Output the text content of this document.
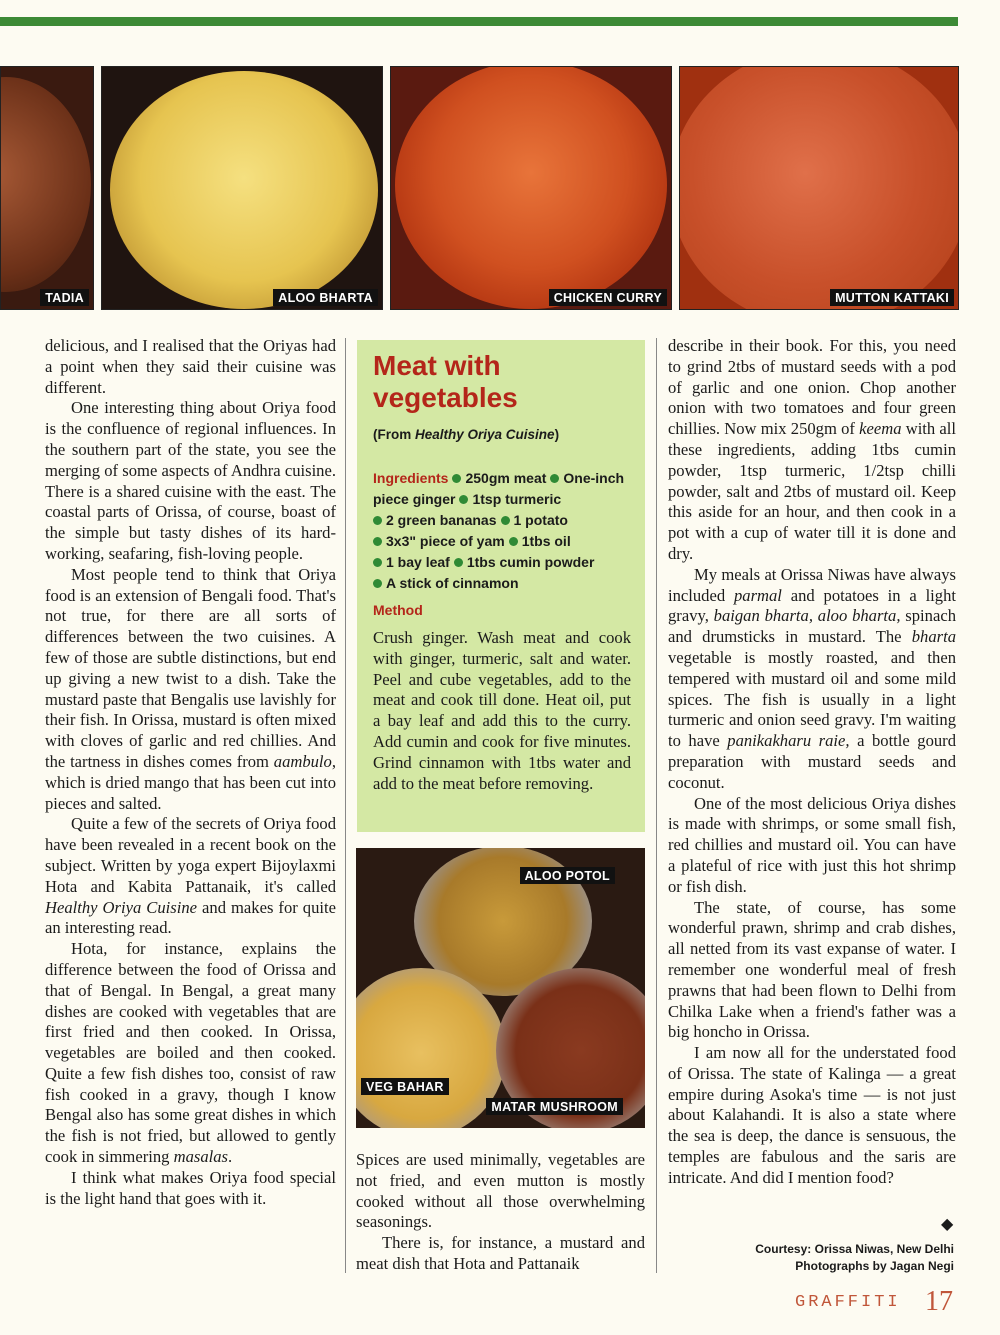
TADIA	ALOO BHARTA	CHICKEN CURRY	MUTTON KATTAKI

delicious, and I realised that the Oriyas had a point when they said their cuisine was different.

One interesting thing about Oriya food is the confluence of regional influences. In the southern part of the state, you see the merging of some aspects of Andhra cuisine. There is a shared cuisine with the east. The coastal parts of Orissa, of course, boast of the simple but tasty dishes of its hard-working, seafaring, fish-loving people.

Most people tend to think that Oriya food is an extension of Bengali food. That's not true, for there are all sorts of differences between the two cuisines. A few of those are subtle distinctions, but end up giving a new twist to a dish. Take the mustard paste that Bengalis use lavishly for their fish. In Orissa, mustard is often mixed with cloves of garlic and red chillies. And the tartness in dishes comes from aambulo, which is dried mango that has been cut into pieces and salted.

Quite a few of the secrets of Oriya food have been revealed in a recent book on the subject. Written by yoga expert Bijoylaxmi Hota and Kabita Pattanaik, it's called Healthy Oriya Cuisine and makes for quite an interesting read.

Hota, for instance, explains the difference between the food of Orissa and that of Bengal. In Bengal, a great many dishes are cooked with vegetables that are first fried and then cooked. In Orissa, vegetables are boiled and then cooked. Quite a few fish dishes too, consist of raw fish cooked in a gravy, though I know Bengal also has some great dishes in which the fish is not fried, but allowed to gently cook in simmering masalas.

I think what makes Oriya food special is the light hand that goes with it.

Meat with vegetables
(From Healthy Oriya Cuisine)
Ingredients 250gm meat One-inch piece ginger 1tsp turmeric
2 green bananas 1 potato
3x3" piece of yam 1tbs oil
1 bay leaf 1tbs cumin powder
A stick of cinnamon
Method
Crush ginger. Wash meat and cook with ginger, turmeric, salt and water. Peel and cube vegetables, add to the meat and cook till done. Heat oil, put a bay leaf and add this to the curry. Add cumin and cook for five minutes. Grind cinnamon with 1tbs water and add to the meat before removing.
ALOO POTOL
VEG BAHAR
MATAR MUSHROOM

Spices are used minimally, vegetables are not fried, and even mutton is mostly cooked without all those overwhelming seasonings.

There is, for instance, a mustard and meat dish that Hota and Pattanaik

describe in their book. For this, you need to grind 2tbs of mustard seeds with a pod of garlic and one onion. Chop another onion with two tomatoes and four green chillies. Now mix 250gm of keema with all these ingredients, adding 1tbs cumin powder, 1tsp turmeric, 1/2tsp chilli powder, salt and 2tbs of mustard oil. Keep this aside for an hour, and then cook in a pot with a cup of water till it is done and dry.

My meals at Orissa Niwas have always included parmal and potatoes in a light gravy, baigan bharta, aloo bharta, spinach and drumsticks in mustard. The bharta vegetable is mostly roasted, and then tempered with mustard oil and some mild spices. The fish is usually in a light turmeric and onion seed gravy. I'm waiting to have panikakharu raie, a bottle gourd preparation with mustard seeds and coconut.

One of the most delicious Oriya dishes is made with shrimps, or some small fish, red chillies and mustard oil. You can have a plateful of rice with just this hot shrimp or fish dish.

The state, of course, has some wonderful prawn, shrimp and crab dishes, all netted from its vast expanse of water. I remember one wonderful meal of fresh prawns that had been flown to Delhi from Chilka Lake when a friend's father was a big honcho in Orissa.

I am now all for the understated food of Orissa. The state of Kalinga — a great empire during Asoka's time — is not just about Kalahandi. It is also a state where the sea is deep, the dance is sensuous, the temples are fabulous and the saris are intricate. And did I mention food?

◆
Courtesy: Orissa Niwas, New Delhi
Photographs by Jagan Negi
GRAFFITI 17
